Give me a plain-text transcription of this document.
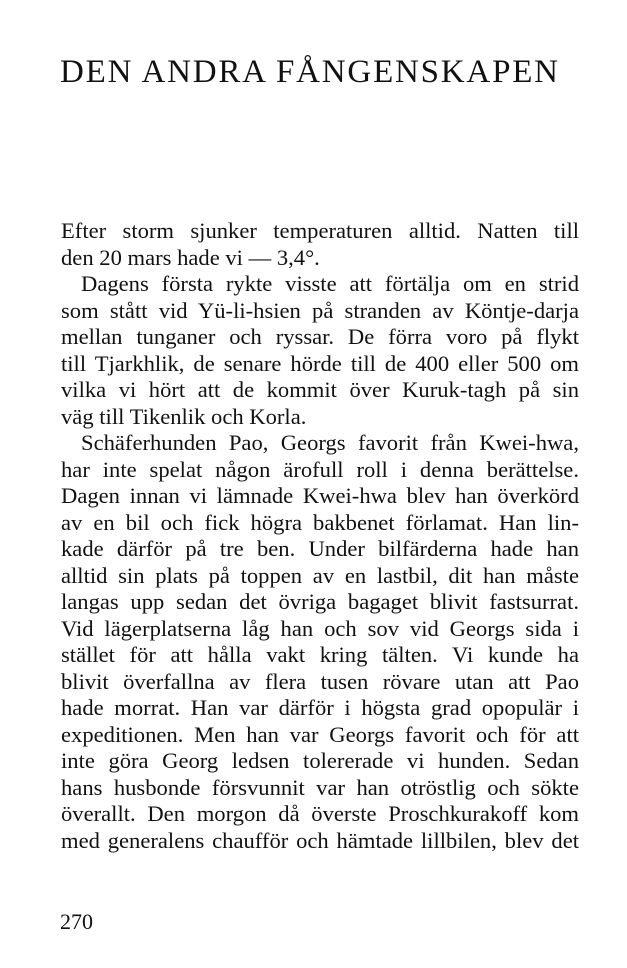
DEN ANDRA FÅNGENSKAPEN
Efter storm sjunker temperaturen alltid. Natten till
den 20 mars hade vi — 3,4°.
Dagens första rykte visste att förtälja om en strid
som stått vid Yü-li-hsien på stranden av Köntje-darja
mellan tunganer och ryssar. De förra voro på flykt
till Tjarkhlik, de senare hörde till de 400 eller 500 om
vilka vi hört att de kommit över Kuruk-tagh på sin
väg till Tikenlik och Korla.
Schäferhunden Pao, Georgs favorit från Kwei-hwa,
har inte spelat någon ärofull roll i denna berättelse.
Dagen innan vi lämnade Kwei-hwa blev han överkörd
av en bil och fick högra bakbenet förlamat. Han lin-
kade därför på tre ben. Under bilfärderna hade han
alltid sin plats på toppen av en lastbil, dit han måste
langas upp sedan det övriga bagaget blivit fastsurrat.
Vid lägerplatserna låg han och sov vid Georgs sida i
stället för att hålla vakt kring tälten. Vi kunde ha
blivit överfallna av flera tusen rövare utan att Pao
hade morrat. Han var därför i högsta grad opopulär i
expeditionen. Men han var Georgs favorit och för att
inte göra Georg ledsen tolererade vi hunden. Sedan
hans husbonde försvunnit var han otröstlig och sökte
överallt. Den morgon då överste Proschkurakoff kom
med generalens chaufför och hämtade lillbilen, blev det
270
